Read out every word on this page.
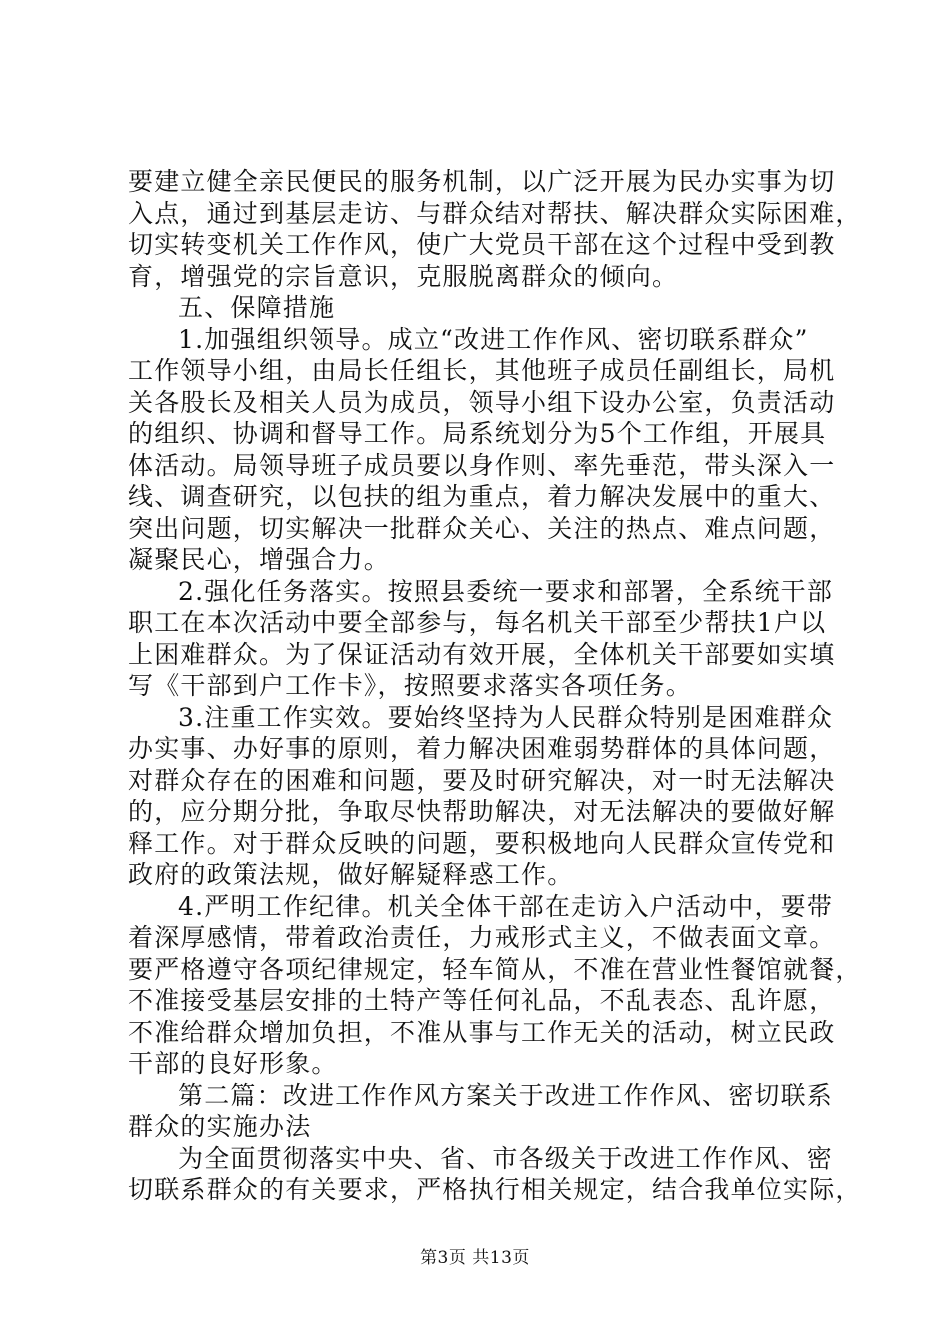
要建立健全亲民便民的服务机制，以广泛开展为民办实事为切
入点，通过到基层走访、与群众结对帮扶、解决群众实际困难，
切实转变机关工作作风，使广大党员干部在这个过程中受到教
育，增强党的宗旨意识，克服脱离群众的倾向。
五、保障措施
1.加强组织领导。成立“改进工作作风、密切联系群众”
工作领导小组，由局长任组长，其他班子成员任副组长，局机
关各股长及相关人员为成员，领导小组下设办公室，负责活动
的组织、协调和督导工作。局系统划分为5个工作组，开展具
体活动。局领导班子成员要以身作则、率先垂范，带头深入一
线、调查研究，以包扶的组为重点，着力解决发展中的重大、
突出问题，切实解决一批群众关心、关注的热点、难点问题，
凝聚民心，增强合力。
2.强化任务落实。按照县委统一要求和部署，全系统干部
职工在本次活动中要全部参与，每名机关干部至少帮扶1户以
上困难群众。为了保证活动有效开展，全体机关干部要如实填
写《干部到户工作卡》，按照要求落实各项任务。
3.注重工作实效。要始终坚持为人民群众特别是困难群众
办实事、办好事的原则，着力解决困难弱势群体的具体问题，
对群众存在的困难和问题，要及时研究解决，对一时无法解决
的，应分期分批，争取尽快帮助解决，对无法解决的要做好解
释工作。对于群众反映的问题，要积极地向人民群众宣传党和
政府的政策法规，做好解疑释惑工作。
4.严明工作纪律。机关全体干部在走访入户活动中，要带
着深厚感情，带着政治责任，力戒形式主义，不做表面文章。
要严格遵守各项纪律规定，轻车简从，不准在营业性餐馆就餐，
不准接受基层安排的土特产等任何礼品，不乱表态、乱许愿，
不准给群众增加负担，不准从事与工作无关的活动，树立民政
干部的良好形象。
第二篇：改进工作作风方案关于改进工作作风、密切联系
群众的实施办法
为全面贯彻落实中央、省、市各级关于改进工作作风、密
切联系群众的有关要求，严格执行相关规定，结合我单位实际，
第3页 共13页
